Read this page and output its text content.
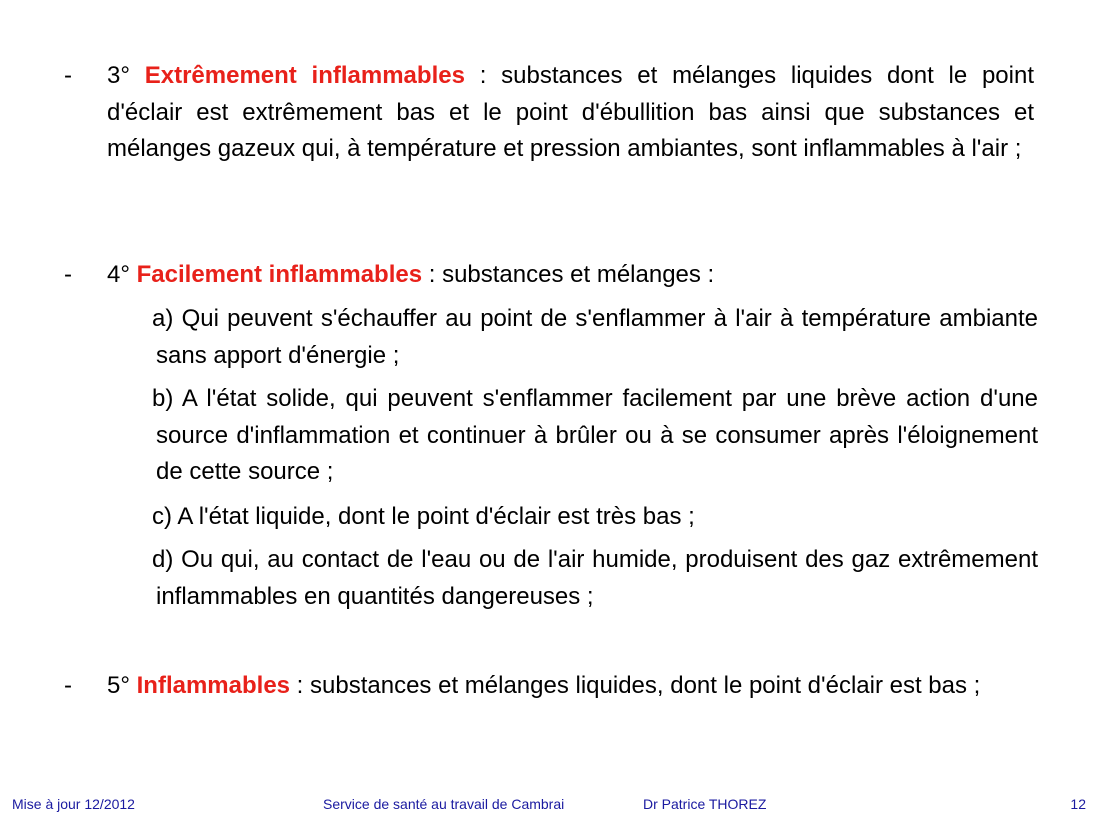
-	3° Extrêmement inflammables : substances et mélanges liquides dont le point d'éclair est extrêmement bas et le point d'ébullition bas ainsi que substances et mélanges gazeux qui, à température et pression ambiantes, sont inflammables à l'air ;
-	4° Facilement inflammables : substances et mélanges :
a) Qui peuvent s'échauffer au point de s'enflammer à l'air à température ambiante sans apport d'énergie ;
b) A l'état solide, qui peuvent s'enflammer facilement par une brève action d'une source d'inflammation et continuer à brûler ou à se consumer après l'éloignement de cette source ;
c) A l'état liquide, dont le point d'éclair est très bas ;
d) Ou qui, au contact de l'eau ou de l'air humide, produisent des gaz extrêmement inflammables en quantités dangereuses ;
-	5° Inflammables : substances et mélanges liquides, dont le point d'éclair est bas ;
Mise à jour 12/2012	Service de santé au travail de Cambrai	Dr Patrice THOREZ	12
